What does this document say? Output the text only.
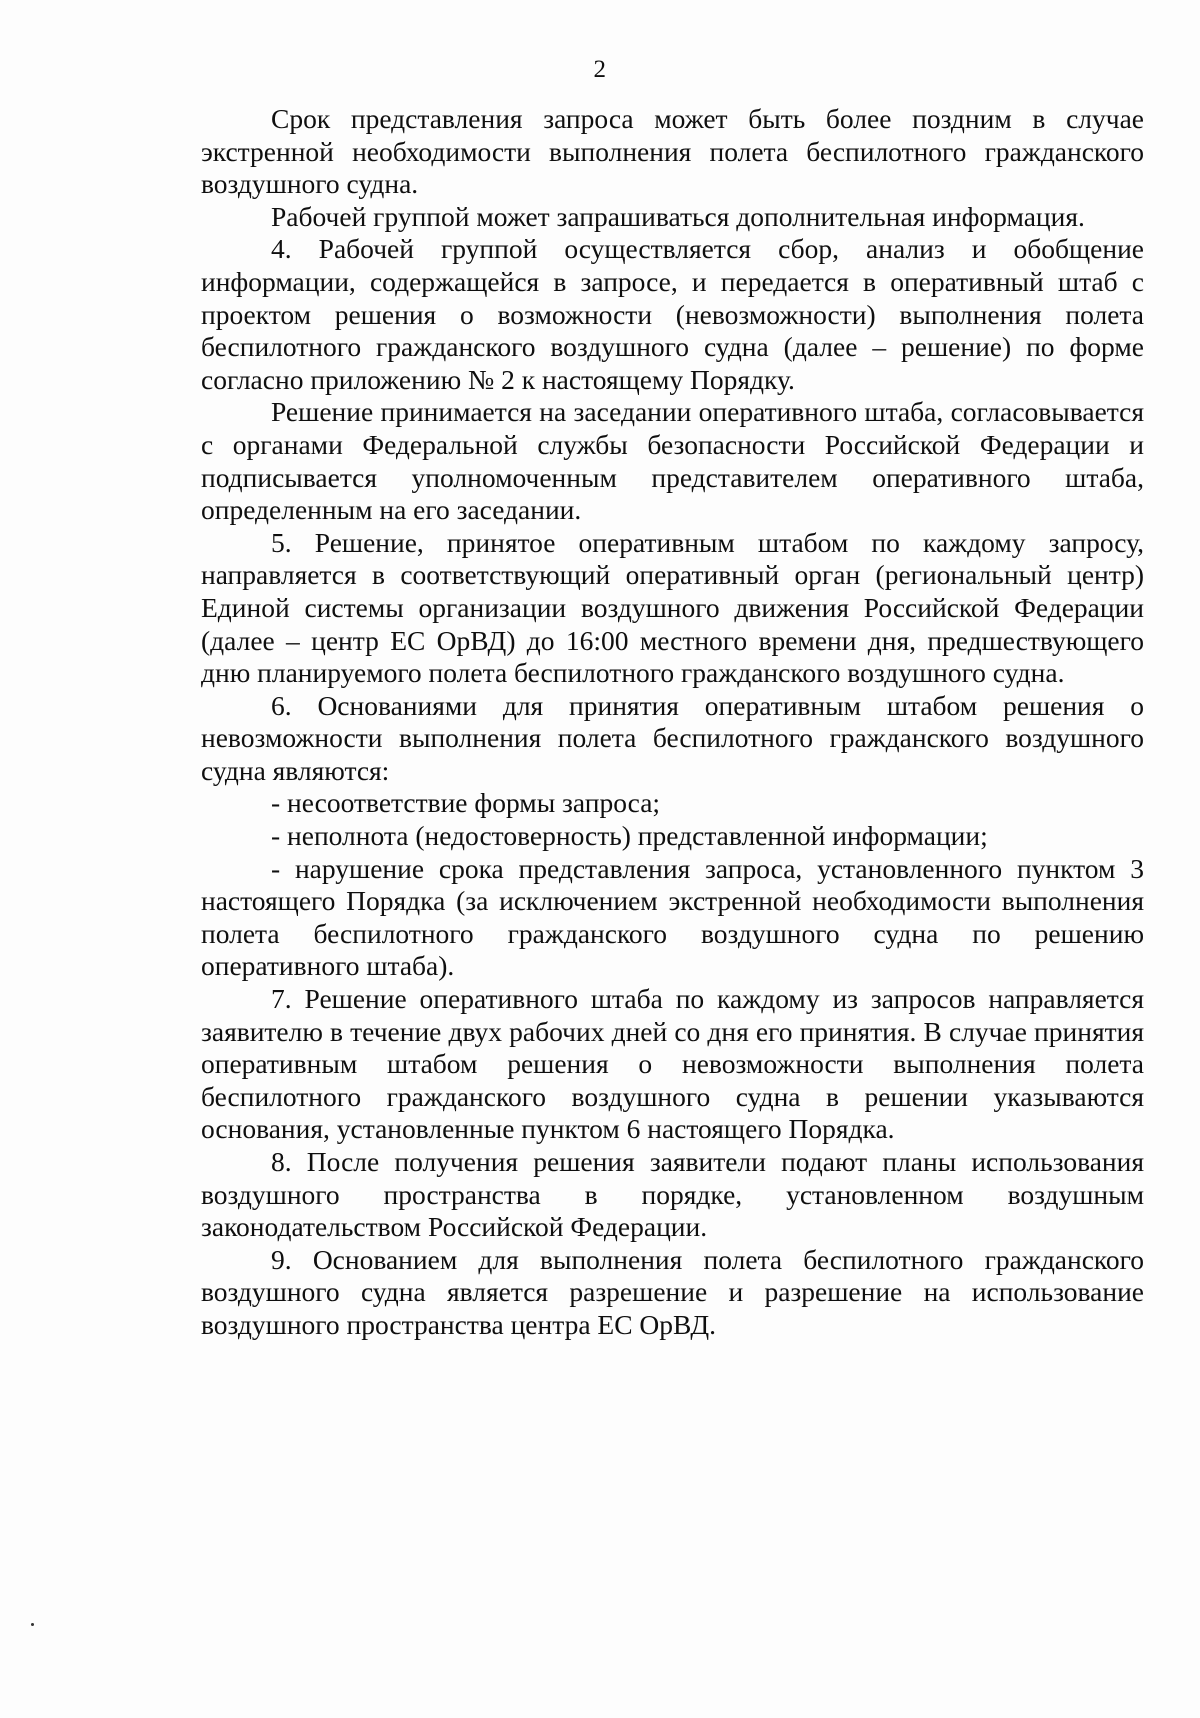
2

Срок представления запроса может быть более поздним в случае экстренной необходимости выполнения полета беспилотного гражданского воздушного судна.

Рабочей группой может запрашиваться дополнительная информация.

4. Рабочей группой осуществляется сбор, анализ и обобщение информации, содержащейся в запросе, и передается в оперативный штаб с проектом решения о возможности (невозможности) выполнения полета беспилотного гражданского воздушного судна (далее – решение) по форме согласно приложению № 2 к настоящему Порядку.

Решение принимается на заседании оперативного штаба, согласовывается с органами Федеральной службы безопасности Российской Федерации и подписывается уполномоченным представителем оперативного штаба, определенным на его заседании.

5. Решение, принятое оперативным штабом по каждому запросу, направляется в соответствующий оперативный орган (региональный центр) Единой системы организации воздушного движения Российской Федерации (далее – центр ЕС ОрВД) до 16:00 местного времени дня, предшествующего дню планируемого полета беспилотного гражданского воздушного судна.

6. Основаниями для принятия оперативным штабом решения о невозможности выполнения полета беспилотного гражданского воздушного судна являются:

- несоответствие формы запроса;

- неполнота (недостоверность) представленной информации;

- нарушение срока представления запроса, установленного пунктом 3 настоящего Порядка (за исключением экстренной необходимости выполнения полета беспилотного гражданского воздушного судна по решению оперативного штаба).

7. Решение оперативного штаба по каждому из запросов направляется заявителю в течение двух рабочих дней со дня его принятия. В случае принятия оперативным штабом решения о невозможности выполнения полета беспилотного гражданского воздушного судна в решении указываются основания, установленные пунктом 6 настоящего Порядка.

8. После получения решения заявители подают планы использования воздушного пространства в порядке, установленном воздушным законодательством Российской Федерации.

9. Основанием для выполнения полета беспилотного гражданского воздушного судна является разрешение и разрешение на использование воздушного пространства центра ЕС ОрВД.
